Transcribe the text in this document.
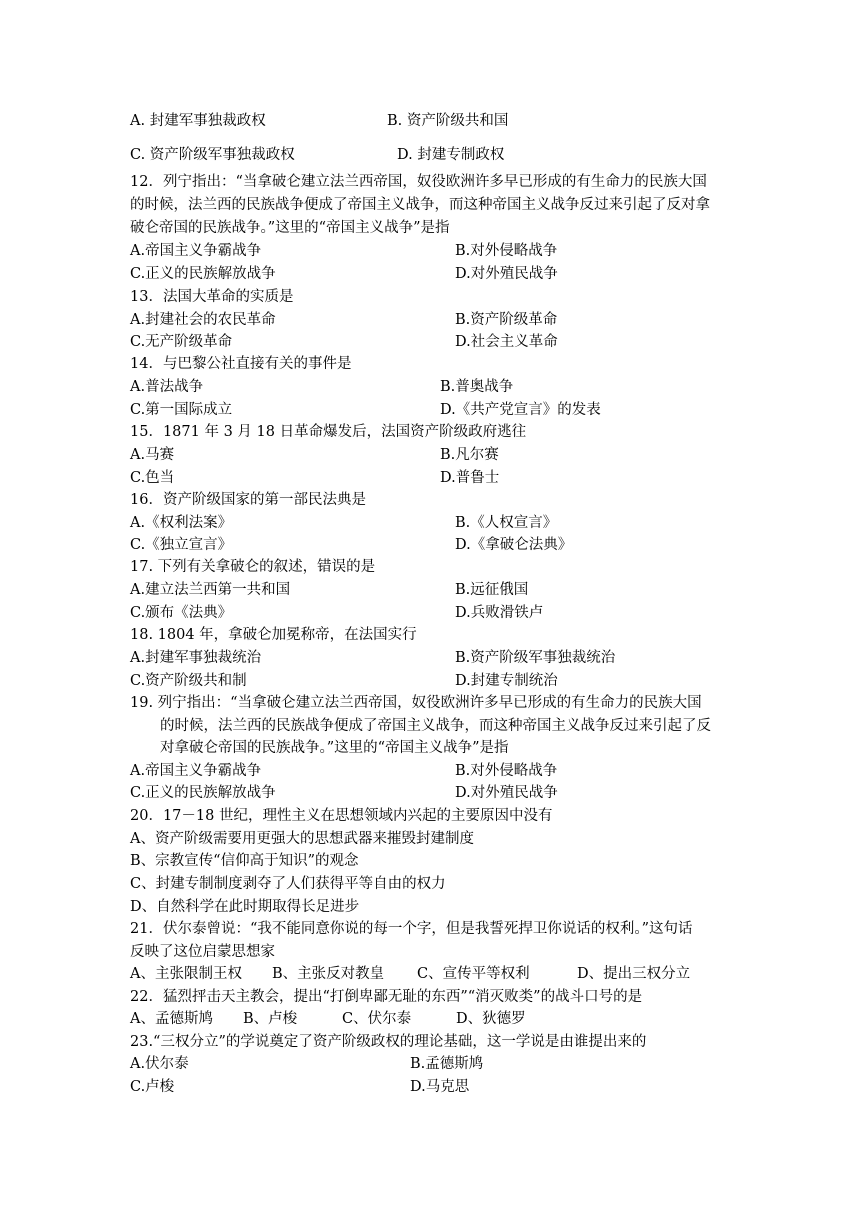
A. 封建军事独裁政权	B. 资产阶级共和国
C. 资产阶级军事独裁政权	D. 封建专制政权
12．列宁指出：“当拿破仑建立法兰西帝国，奴役欧洲许多早已形成的有生命力的民族大国
的时候，法兰西的民族战争便成了帝国主义战争，而这种帝国主义战争反过来引起了反对拿
破仑帝国的民族战争。”这里的“帝国主义战争”是指
A.帝国主义争霸战争	B.对外侵略战争
C.正义的民族解放战争	D.对外殖民战争
13．法国大革命的实质是
A.封建社会的农民革命	B.资产阶级革命
C.无产阶级革命	D.社会主义革命
14．与巴黎公社直接有关的事件是
A.普法战争	B.普奥战争
C.第一国际成立	D.《共产党宣言》的发表
15．1871 年 3 月 18 日革命爆发后，法国资产阶级政府逃往
A.马赛	B.凡尔赛
C.色当	D.普鲁士
16．资产阶级国家的第一部民法典是
A.《权利法案》	B.《人权宣言》
C.《独立宣言》	D.《拿破仑法典》
17. 下列有关拿破仑的叙述，错误的是
A.建立法兰西第一共和国	B.远征俄国
C.颁布《法典》	D.兵败滑铁卢
18. 1804 年，拿破仑加冕称帝，在法国实行
A.封建军事独裁统治	B.资产阶级军事独裁统治
C.资产阶级共和制	D.封建专制统治
19. 列宁指出：“当拿破仑建立法兰西帝国，奴役欧洲许多早已形成的有生命力的民族大国
的时候，法兰西的民族战争便成了帝国主义战争，而这种帝国主义战争反过来引起了反
对拿破仑帝国的民族战争。”这里的“帝国主义战争”是指
A.帝国主义争霸战争	B.对外侵略战争
C.正义的民族解放战争	D.对外殖民战争
20．17－18 世纪，理性主义在思想领域内兴起的主要原因中没有
A、资产阶级需要用更强大的思想武器来摧毁封建制度
B、宗教宣传“信仰高于知识”的观念
C、封建专制制度剥夺了人们获得平等自由的权力
D、自然科学在此时期取得长足进步
21．伏尔泰曾说：“我不能同意你说的每一个字，但是我誓死捍卫你说话的权利。”这句话
反映了这位启蒙思想家
A、主张限制王权 B、主张反对教皇 C、宣传平等权利	D、提出三权分立
22．猛烈抨击天主教会，提出“打倒卑鄙无耻的东西”“消灭败类”的战斗口号的是
A、孟德斯鸠 B、卢梭	C、伏尔泰	D、狄德罗
23.“三权分立”的学说奠定了资产阶级政权的理论基础，这一学说是由谁提出来的
A.伏尔泰	B.孟德斯鸠
C.卢梭	D.马克思
